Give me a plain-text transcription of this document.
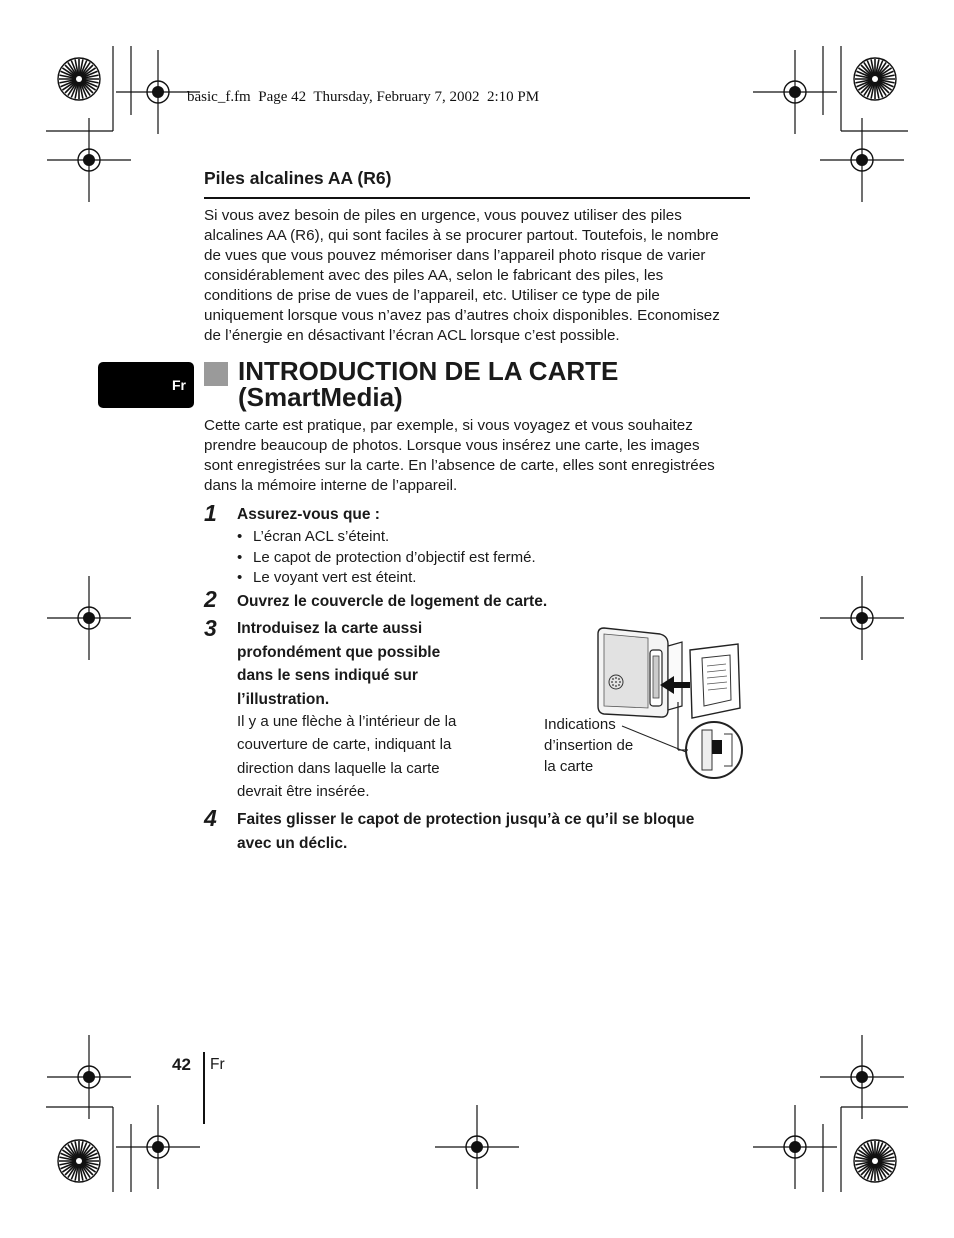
basic_f.fm  Page 42  Thursday, February 7, 2002  2:10 PM
Piles alcalines AA (R6)

Si vous avez besoin de piles en urgence, vous pouvez utiliser des piles
alcalines AA (R6), qui sont faciles à se procurer partout. Toutefois, le nombre
de vues que vous pouvez mémoriser dans l’appareil photo risque de varier
considérablement avec des piles AA, selon le fabricant des piles, les
conditions de prise de vues de l’appareil, etc. Utiliser ce type de pile
uniquement lorsque vous n’avez pas d’autres choix disponibles. Economisez
de l’énergie en désactivant l’écran ACL lorsque c’est possible.

Fr	INTRODUCTION DE LA CARTE
(SmartMedia)

Cette carte est pratique, par exemple, si vous voyagez et vous souhaitez
prendre beaucoup de photos. Lorsque vous insérez une carte, les images
sont enregistrées sur la carte. En l’absence de carte, elles sont enregistrées
dans la mémoire interne de l’appareil.

1 Assurez-vous que :
• L’écran ACL s’éteint.
• Le capot de protection d’objectif est fermé.
• Le voyant vert est éteint.
2 Ouvrez le couvercle de logement de carte.
3 Introduisez la carte aussi
profondément que possible
dans le sens indiqué sur
l’illustration.
Il y a une flèche à l’intérieur de la
couverture de carte, indiquant la
direction dans laquelle la carte
devrait être insérée.
Indications
d’insertion de
la carte
4 Faites glisser le capot de protection jusqu’à ce qu’il se bloque
avec un déclic.
42 Fr
